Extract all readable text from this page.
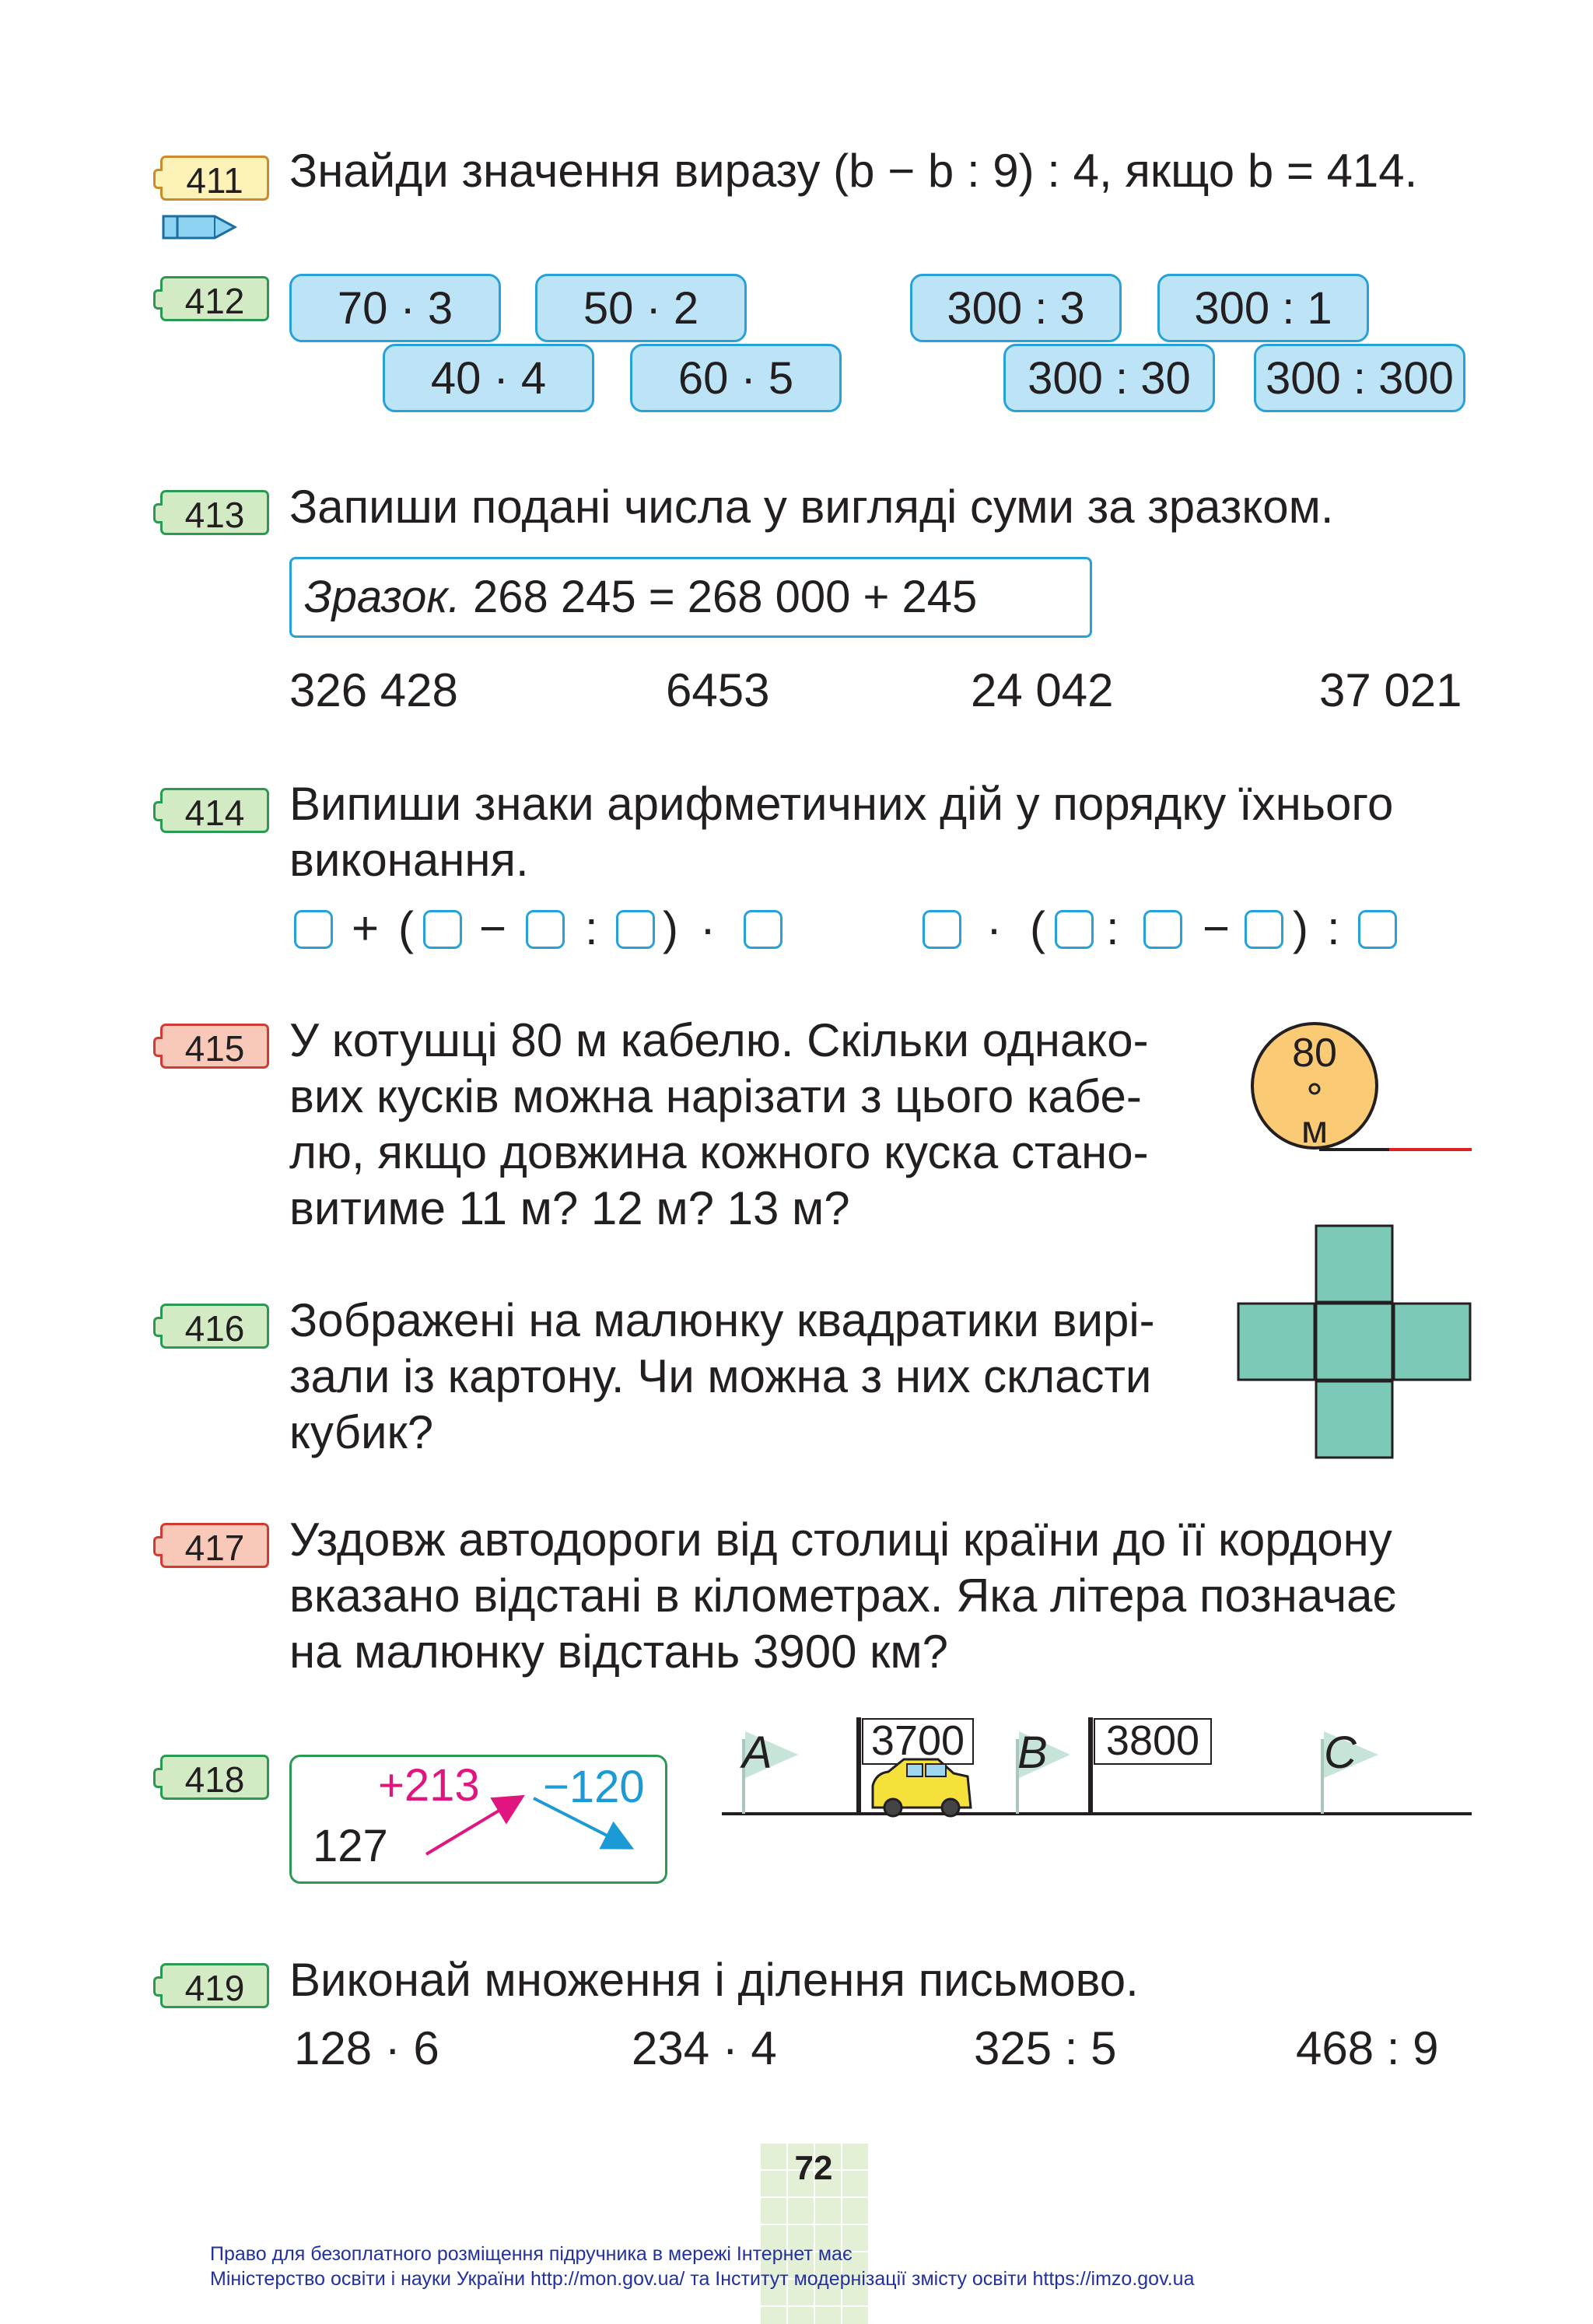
411 Знайди значення виразу (b − b : 9) : 4, якщо b = 414.
412	70 · 3	50 · 2
40 · 4	60 · 5
300 : 3	300 : 1
300 : 30	300 : 300
413 Запиши подані числа у вигляді суми за зразком.
Зразок. 268 245 = 268 000 + 245
326 428	6453	24 042	37 021
414 Випиши знаки арифметичних дій у порядку їхнього
виконання.
+ ( − : ) ·	· ( : − ) :
415 У котушці 80 м кабелю. Скільки однако-
вих кусків можна нарізати з цього кабе-
лю, якщо довжина кожного куска стано-
витиме 11 м? 12 м? 13 м?
80
м
416 Зображені на малюнку квадратики вирі-
зали із картону. Чи можна з них скласти
кубик?
417 Уздовж автодороги від столиці країни до її кордону
вказано відстані в кілометрах. Яка літера позначає
на малюнку відстань 3900 км?
418	+213 −120
127
A	B	C
3700	3800
419 Виконай множення і ділення письмово.
128 · 6	234 · 4	325 : 5	468 : 9
72
Право для безоплатного розміщення підручника в мережі Інтернет має
Міністерство освіти і науки України http://mon.gov.ua/ та Інститут модернізації змісту освіти https://imzo.gov.ua
